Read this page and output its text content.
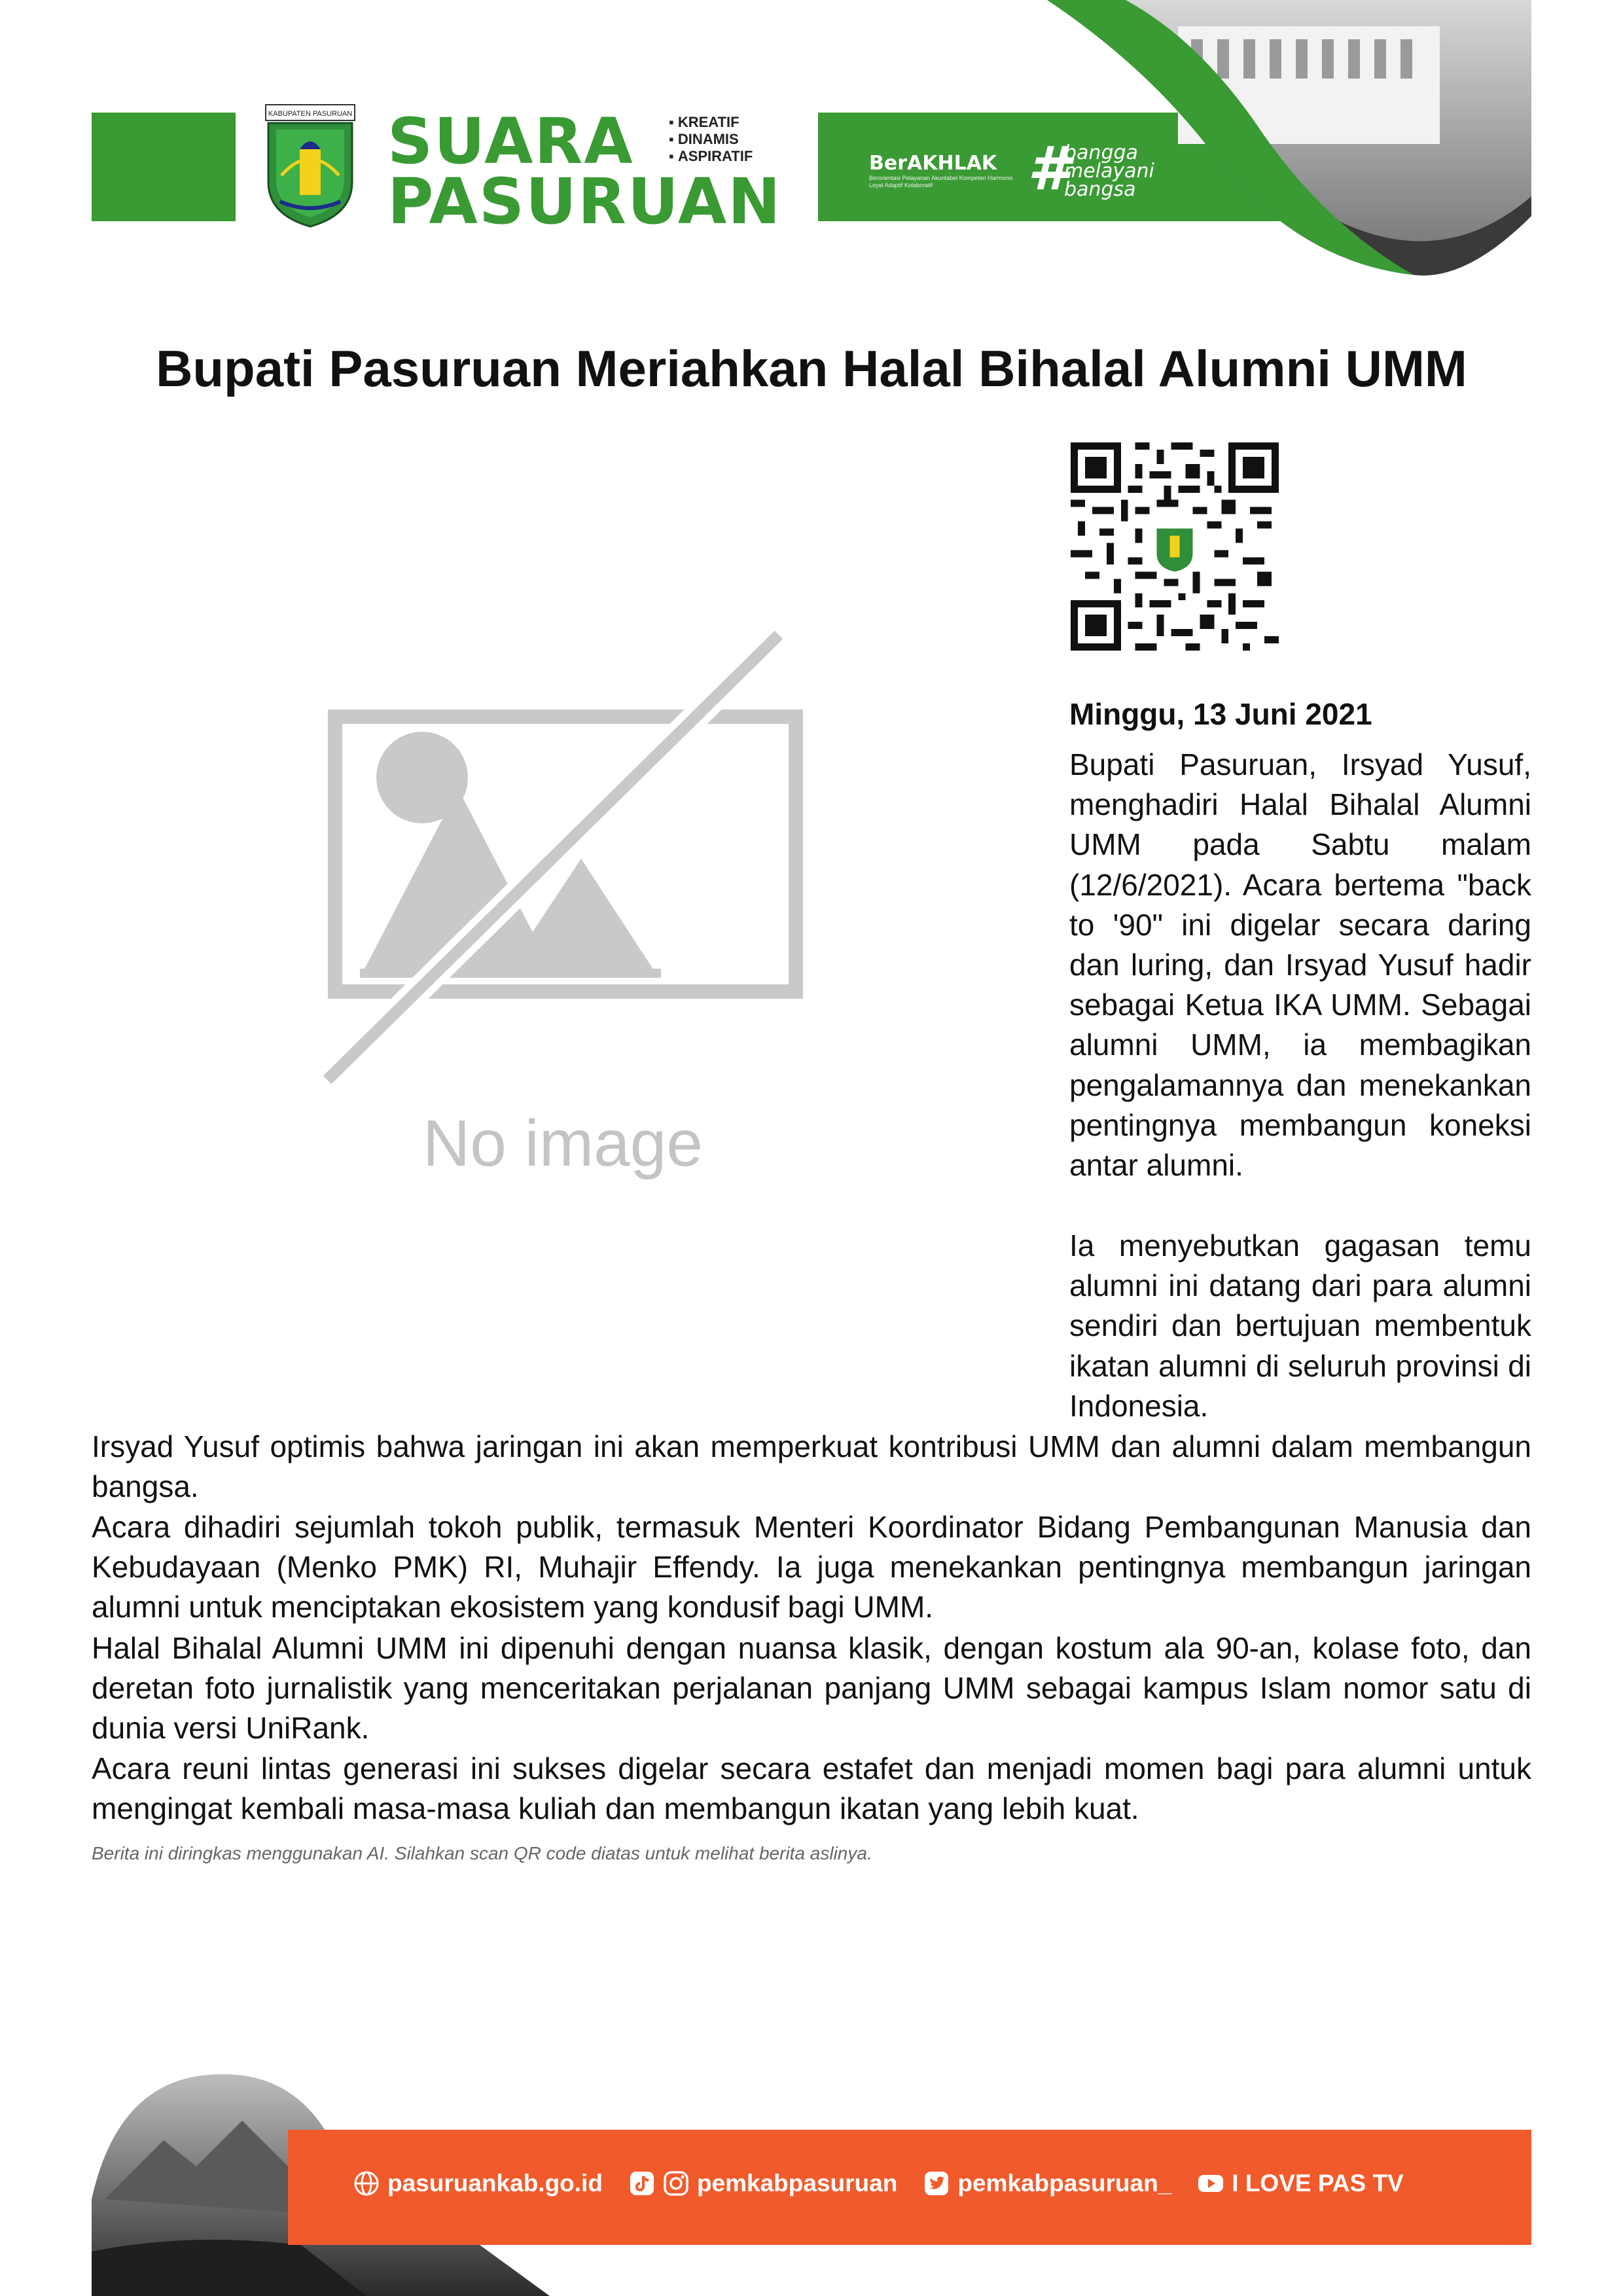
KABUPATEN PASURUAN SUARA
PASURUAN
▪ KREATIF
▪ DINAMIS
▪ ASPIRATIF	BerAKHLAK
Berorientasi Pelayanan Akuntabel Kompeten Harmonis Loyal Adaptif Kolaboratif	#
bangga
melayani
bangsa
Bupati Pasuruan Meriahkan Halal Bihalal Alumni UMM
No image
Minggu, 13 Juni 2021
Bupati Pasuruan, Irsyad Yusuf, menghadiri Halal Bihalal Alumni UMM pada Sabtu malam (12/6/2021). Acara bertema "back to '90" ini digelar secara daring dan luring, dan Irsyad Yusuf hadir sebagai Ketua IKA UMM. Sebagai alumni UMM, ia membagikan pengalamannya dan menekankan pentingnya membangun koneksi antar alumni.
Ia menyebutkan gagasan temu alumni ini datang dari para alumni sendiri dan bertujuan membentuk ikatan alumni di seluruh provinsi di Indonesia.
Irsyad Yusuf optimis bahwa jaringan ini akan memperkuat kontribusi UMM dan alumni dalam membangun bangsa.
Acara dihadiri sejumlah tokoh publik, termasuk Menteri Koordinator Bidang Pembangunan Manusia dan Kebudayaan (Menko PMK) RI, Muhajir Effendy. Ia juga menekankan pentingnya membangun jaringan alumni untuk menciptakan ekosistem yang kondusif bagi UMM.
Halal Bihalal Alumni UMM ini dipenuhi dengan nuansa klasik, dengan kostum ala 90-an, kolase foto, dan deretan foto jurnalistik yang menceritakan perjalanan panjang UMM sebagai kampus Islam nomor satu di dunia versi UniRank.
Acara reuni lintas generasi ini sukses digelar secara estafet dan menjadi momen bagi para alumni untuk mengingat kembali masa-masa kuliah dan membangun ikatan yang lebih kuat.
Berita ini diringkas menggunakan AI. Silahkan scan QR code diatas untuk melihat berita aslinya.
pasuruankab.go.id	pemkabpasuruan pemkabpasuruan_ I LOVE PAS TV
